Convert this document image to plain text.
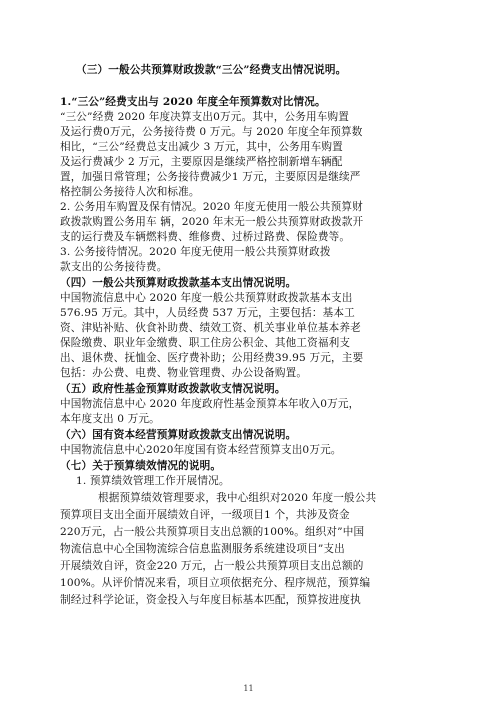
（三）一般公共预算财政拨款“三公”经费支出情况说明。
1.“三公”经费支出与 2020 年度全年预算数对比情况。
“三公”经费 2020 年度决算支出0万元。其中，公务用车购置
及运行费0万元，公务接待费 0 万元。与 2020 年度全年预算数
相比，“三公”经费总支出减少 3 万元，其中，公务用车购置
及运行费减少 2 万元，主要原因是继续严格控制新增车辆配
置，加强日常管理；公务接待费减少1 万元，主要原因是继续严
格控制公务接待人次和标准。
2. 公务用车购置及保有情况。2020 年度无使用一般公共预算财
政拨款购置公务用车 辆，2020 年末无一般公共预算财政拨款开
支的运行费及车辆燃料费、维修费、过桥过路费、保险费等。
3. 公务接待情况。2020 年度无使用一般公共预算财政拨
款支出的公务接待费。
（四）一般公共预算财政拨款基本支出情况说明。
中国物流信息中心 2020 年度一般公共预算财政拨款基本支出
576.95 万元。其中，人员经费 537 万元，主要包括：基本工
资、津贴补贴、伙食补助费、绩效工资、机关事业单位基本养老
保险缴费、职业年金缴费、职工住房公积金、其他工资福利支
出、退休费、抚恤金、医疗费补助；公用经费39.95 万元，主要
包括：办公费、电费、物业管理费、办公设备购置。
（五）政府性基金预算财政拨款收支情况说明。
中国物流信息中心 2020 年度政府性基金预算本年收入0万元，
本年度支出 0 万元。
（六）国有资本经营预算财政拨款支出情况说明。
中国物流信息中心2020年度国有资本经营预算支出0万元。
（七）关于预算绩效情况的说明。
1. 预算绩效管理工作开展情况。
根据预算绩效管理要求，我中心组织对2020 年度一般公共
预算项目支出全面开展绩效自评，一级项目1 个，共涉及资金
220万元，占一般公共预算项目支出总额的100%。组织对”中国
物流信息中心全国物流综合信息监测服务系统建设项目”支出
开展绩效自评，资金220 万元，占一般公共预算项目支出总额的
100%。从评价情况来看，项目立项依据充分、程序规范，预算编
制经过科学论证，资金投入与年度目标基本匹配，预算按进度执
11
